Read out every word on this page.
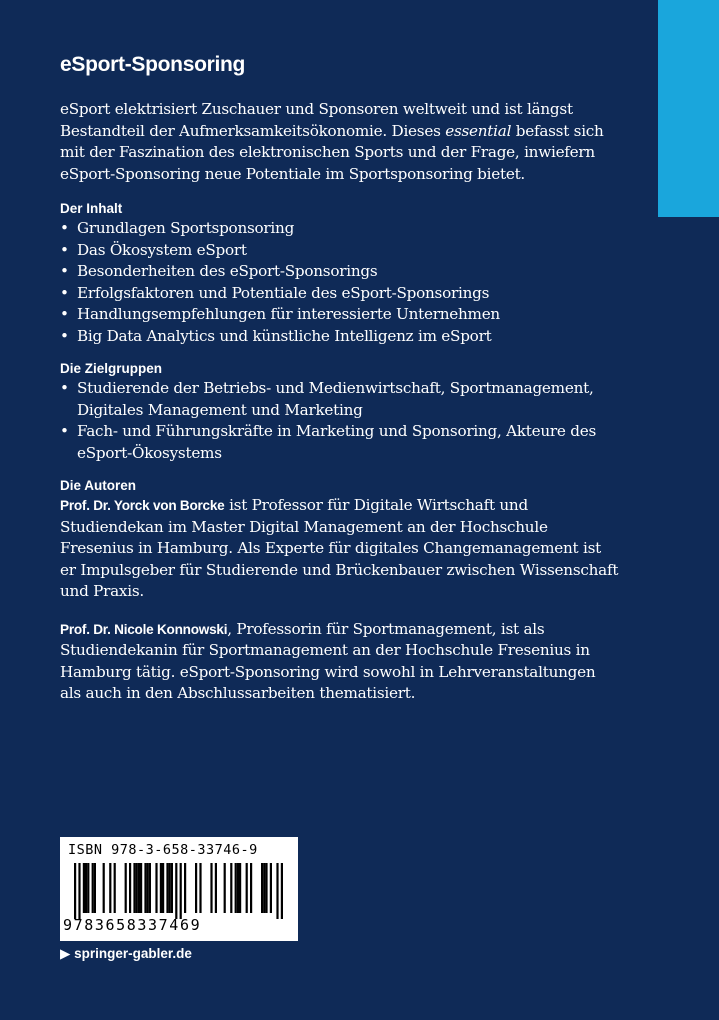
eSport-Sponsoring

eSport elektrisiert Zuschauer und Sponsoren weltweit und ist längst Bestandteil der Aufmerksamkeitsökonomie. Dieses essential befasst sich mit der Faszination des elektronischen Sports und der Frage, inwiefern eSport-Sponsoring neue Potentiale im Sportsponsoring bietet.

Der Inhalt
• Grundlagen Sportsponsoring
• Das Ökosystem eSport
• Besonderheiten des eSport-Sponsorings
• Erfolgsfaktoren und Potentiale des eSport-Sponsorings
• Handlungsempfehlungen für interessierte Unternehmen
• Big Data Analytics und künstliche Intelligenz im eSport
Die Zielgruppen
• Studierende der Betriebs- und Medienwirtschaft, Sportmanagement, Digitales Management und Marketing
• Fach- und Führungskräfte in Marketing und Sponsoring, Akteure des eSport-Ökosystems
Die Autoren

Prof. Dr. Yorck von Borcke ist Professor für Digitale Wirtschaft und Studiendekan im Master Digital Management an der Hochschule Fresenius in Hamburg. Als Experte für digitales Changemanagement ist er Impulsgeber für Studierende und Brückenbauer zwischen Wissenschaft und Praxis.

Prof. Dr. Nicole Konnowski, Professorin für Sportmanagement, ist als Studiendekanin für Sportmanagement an der Hochschule Fresenius in Hamburg tätig. eSport-Sponsoring wird sowohl in Lehrveranstaltungen als auch in den Abschlussarbeiten thematisiert.

ISBN 978-3-658-33746-9
9783658337469
▶ springer-gabler.de
